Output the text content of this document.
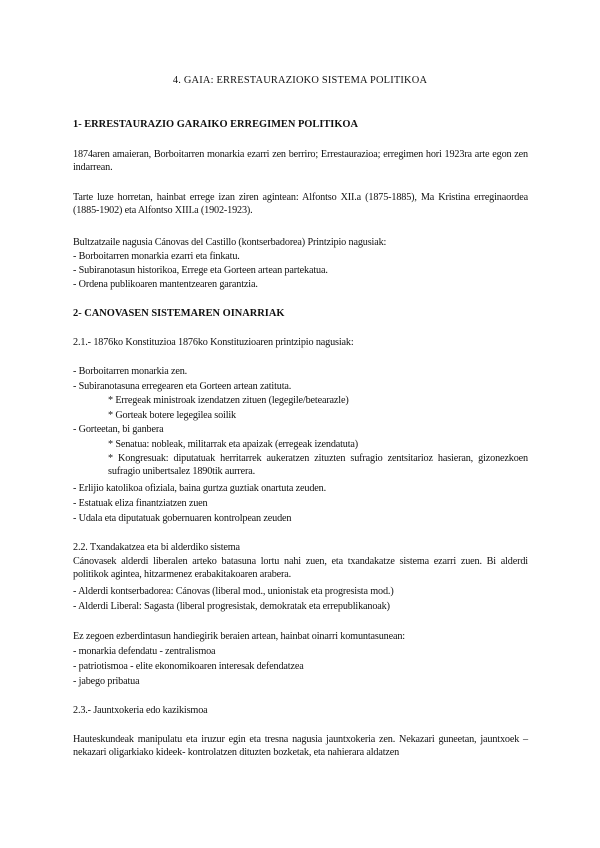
4. GAIA: ERRESTAURAZIOKO SISTEMA POLITIKOA
1- ERRESTAURAZIO GARAIKO ERREGIMEN POLITIKOA
1874aren amaieran, Borboitarren monarkia ezarri zen berriro; Errestaurazioa; erregimen hori 1923ra arte egon zen indarrean.
Tarte luze horretan, hainbat errege izan ziren agintean: Alfontso XII.a (1875-1885), Ma Kristina erreginaordea (1885-1902) eta Alfontso XIII.a (1902-1923).
Bultzatzaile nagusia Cánovas del Castillo (kontserbadorea) Printzipio nagusiak:
- Borboitarren monarkia ezarri eta finkatu.
- Subiranotasun historikoa, Errege eta Gorteen artean partekatua.
- Ordena publikoaren mantentzearen garantzia.
2- CANOVASEN SISTEMAREN OINARRIAK
2.1.- 1876ko Konstituzioa 1876ko Konstituzioaren printzipio nagusiak:
- Borboitarren monarkia zen.
- Subiranotasuna erregearen eta Gorteen artean zatituta.
* Erregeak ministroak izendatzen zituen (legegile/betearazle)
* Gorteak botere legegilea soilik
- Gorteetan, bi ganbera
* Senatua: nobleak, militarrak eta apaizak (erregeak izendatuta)
* Kongresuak: diputatuak herritarrek aukeratzen zituzten sufragio zentsitarioz hasieran, gizonezkoen sufragio unibertsalez 1890tik aurrera.
- Erlijio katolikoa ofiziala, baina gurtza guztiak onartuta zeuden.
- Estatuak eliza finantziatzen zuen
- Udala eta diputatuak gobernuaren kontrolpean zeuden
2.2. Txandakatzea eta bi alderdiko sistema
Cánovasek alderdi liberalen arteko batasuna lortu nahi zuen, eta txandakatze sistema ezarri zuen. Bi alderdi politikok agintea, hitzarmenez erabakitakoaren arabera.
- Alderdi kontserbadorea: Cánovas (liberal mod., unionistak eta progresista mod.)
- Alderdi Liberal: Sagasta (liberal progresistak, demokratak eta errepublikanoak)
Ez zegoen ezberdintasun handiegirik beraien artean, hainbat oinarri komuntasunean:
- monarkia defendatu - zentralismoa
- patriotismoa - elite ekonomikoaren interesak defendatzea
- jabego pribatua
2.3.- Jauntxokeria edo kazikismoa
Hauteskundeak manipulatu eta iruzur egin eta tresna nagusia jauntxokeria zen. Nekazari guneetan, jauntxoek –nekazari oligarkiako kideek- kontrolatzen dituzten bozketak, eta nahierara aldatzen
